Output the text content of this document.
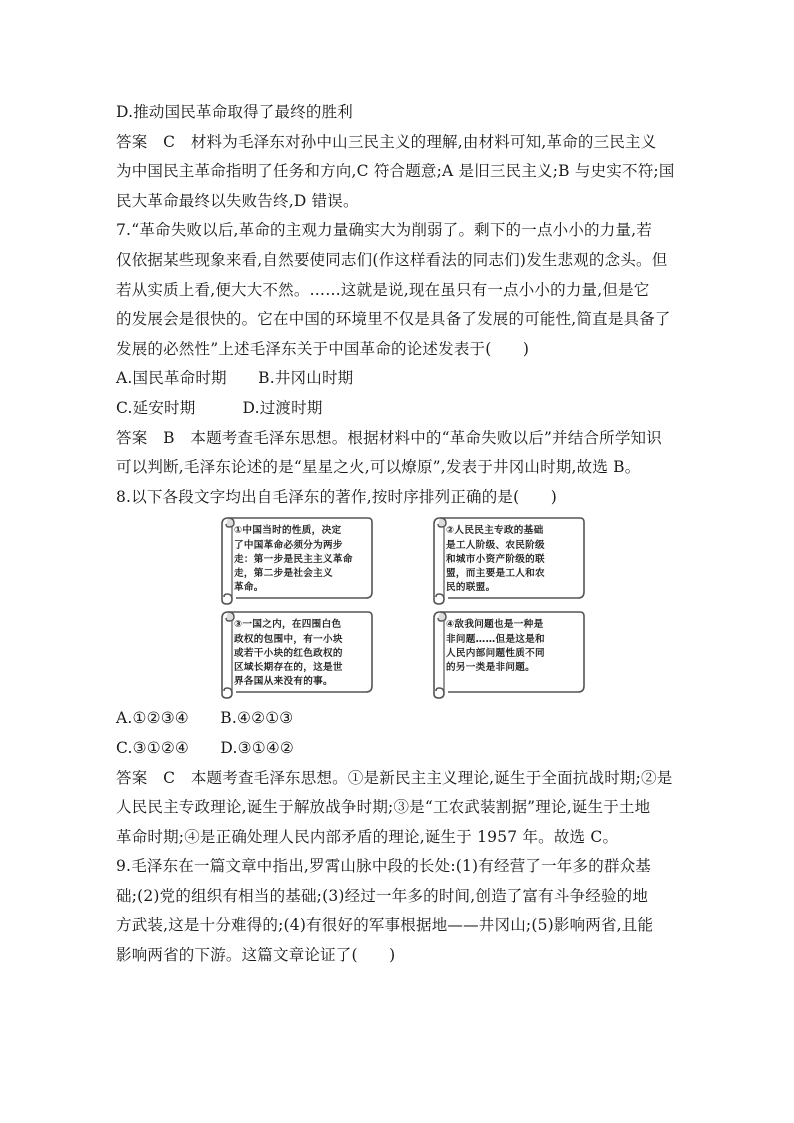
D.推动国民革命取得了最终的胜利
答案　C　材料为毛泽东对孙中山三民主义的理解,由材料可知,革命的三民主义
为中国民主革命指明了任务和方向,C 符合题意;A 是旧三民主义;B 与史实不符;国
民大革命最终以失败告终,D 错误。
7.“革命失败以后,革命的主观力量确实大为削弱了。剩下的一点小小的力量,若
仅依据某些现象来看,自然要使同志们(作这样看法的同志们)发生悲观的念头。但
若从实质上看,便大大不然。……这就是说,现在虽只有一点小小的力量,但是它
的发展会是很快的。它在中国的环境里不仅是具备了发展的可能性,简直是具备了
发展的必然性”上述毛泽东关于中国革命的论述发表于(　　)
A.国民革命时期　　B.井冈山时期
C.延安时期　　　D.过渡时期
答案　B　本题考查毛泽东思想。根据材料中的“革命失败以后”并结合所学知识
可以判断,毛泽东论述的是“星星之火,可以燎原”,发表于井冈山时期,故选 B。
8.以下各段文字均出自毛泽东的著作,按时序排列正确的是(　　)
①中国当时的性质，决定
了中国革命必须分为两步
走：第一步是民主主义革命
走，第二步是社会主义
革命。
②人民民主专政的基础
是工人阶级、农民阶级
和城市小资产阶级的联
盟，而主要是工人和农
民的联盟。
③一国之内，在四围白色
政权的包围中，有一小块
或若干小块的红色政权的
区域长期存在的，这是世
界各国从来没有的事。
④敌我问题也是一种是
非问题……但是这是和
人民内部问题性质不同
的另一类是非问题。
A.①②③④　　B.④②①③
C.③①②④　　D.③①④②
答案　C　本题考查毛泽东思想。①是新民主主义理论,诞生于全面抗战时期;②是
人民民主专政理论,诞生于解放战争时期;③是“工农武装割据”理论,诞生于土地
革命时期;④是正确处理人民内部矛盾的理论,诞生于 1957 年。故选 C。
9.毛泽东在一篇文章中指出,罗霄山脉中段的长处:(1)有经营了一年多的群众基
础;(2)党的组织有相当的基础;(3)经过一年多的时间,创造了富有斗争经验的地
方武装,这是十分难得的;(4)有很好的军事根据地——井冈山;(5)影响两省,且能
影响两省的下游。这篇文章论证了(　　)
